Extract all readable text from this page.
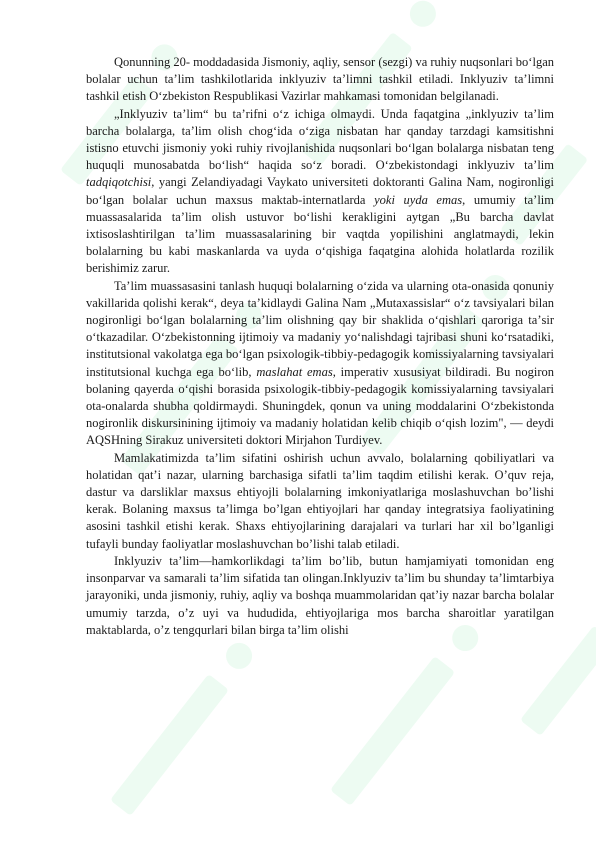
Qonunning 20- moddadasida Jismoniy, aqliy, sensor (sezgi) va ruhiy nuqsonlari boʻlgan bolalar uchun taʼlim tashkilotlarida inklyuziv taʼlimni tashkil etiladi. Inklyuziv taʼlimni tashkil etish Oʻzbekiston Respublikasi Vazirlar mahkamasi tomonidan belgilanadi.

„Inklyuziv taʼlim“ bu taʼrifni oʻz ichiga olmaydi. Unda faqatgina „inklyuziv taʼlim barcha bolalarga, taʼlim olish chogʻida oʻziga nisbatan har qanday tarzdagi kamsitishni istisno etuvchi jismoniy yoki ruhiy rivojlanishida nuqsonlari boʻlgan bolalarga nisbatan teng huquqli munosabatda boʻlish“ haqida soʻz boradi. Oʻzbekistondagi inklyuziv taʼlim tadqiqotchisi, yangi Zelandiyadagi Vaykato universiteti doktoranti Galina Nam, nogironligi boʻlgan bolalar uchun maxsus maktab-internatlarda yoki uyda emas, umumiy taʼlim muassasalarida taʼlim olish ustuvor boʻlishi kerakligini aytgan „Bu barcha davlat ixtisoslashtirilgan taʼlim muassasalarining bir vaqtda yopilishini anglatmaydi, lekin bolalarning bu kabi maskanlarda va uyda oʻqishiga faqatgina alohida holatlarda rozilik berishimiz zarur.

Taʼlim muassasasini tanlash huquqi bolalarning oʻzida va ularning ota-onasida qonuniy vakillarida qolishi kerak“, deya taʼkidlaydi Galina Nam „Mutaxassislar“ oʻz tavsiyalari bilan nogironligi boʻlgan bolalarning taʼlim olishning qay bir shaklida oʻqishlari qaroriga taʼsir oʻtkazadilar. Oʻzbekistonning ijtimoiy va madaniy yoʻnalishdagi tajribasi shuni koʻrsatadiki, institutsional vakolatga ega boʻlgan psixologik-tibbiy-pedagogik komissiyalarning tavsiyalari institutsional kuchga ega boʻlib, maslahat emas, imperativ xususiyat bildiradi. Bu nogiron bolaning qayerda oʻqishi borasida psixologik-tibbiy-pedagogik komissiyalarning tavsiyalari ota-onalarda shubha qoldirmaydi. Shuningdek, qonun va uning moddalarini Oʻzbekistonda nogironlik diskursinining ijtimoiy va madaniy holatidan kelib chiqib oʻqish lozim", — deydi AQSHning Sirakuz universiteti doktori Mirjahon Turdiyev.

Mamlakatimizda taʼlim sifatini oshirish uchun avvalo, bolalarning qobiliyatlari va holatidan qatʼi nazar, ularning barchasiga sifatli taʼlim taqdim etilishi kerak. Oʼquv reja, dastur va darsliklar maxsus ehtiyojli bolalarning imkoniyatlariga moslashuvchan boʼlishi kerak. Bolaning maxsus taʼlimga boʼlgan ehtiyojlari har qanday integratsiya faoliyatining asosini tashkil etishi kerak. Shaxs ehtiyojlarining darajalari va turlari har xil boʼlganligi tufayli bunday faoliyatlar moslashuvchan boʼlishi talab etiladi.

Inklyuziv taʼlim—hamkorlikdagi taʼlim boʼlib, butun hamjamiyati tomonidan eng insonparvar va samarali taʼlim sifatida tan olingan.Inklyuziv taʼlim bu shunday taʼlimtarbiya jarayoniki, unda jismoniy, ruhiy, aqliy va boshqa muammolaridan qatʼiy nazar barcha bolalar umumiy tarzda, oʼz uyi va hududida, ehtiyojlariga mos barcha sharoitlar yaratilgan maktablarda, oʼz tengqurlari bilan birga taʼlim olishi
